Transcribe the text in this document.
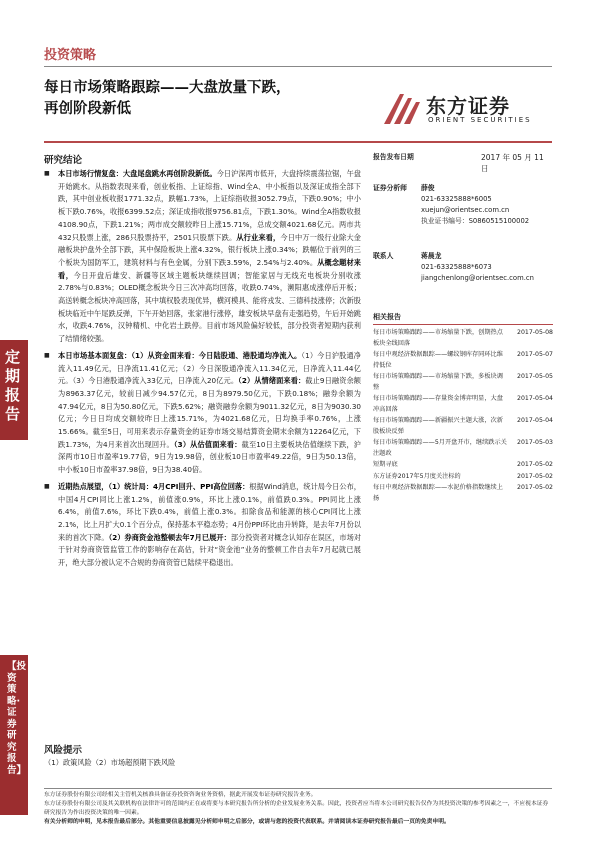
投资策略
每日市场策略跟踪——大盘放量下跌，
再创阶段新低	东方证券
ORIENT SECURITIES
定期报告
【投资策略·证券研究报告】
研究结论

■ 本日市场行情复盘：大盘尾盘跳水再创阶段新低。今日沪深两市低开，大盘持续震荡拉锯，午盘开始跳水。从指数表现来看，创业板指、上证综指、Wind全A、中小板指以及深证成指全部下跌，其中创业板收报1771.32点，跌幅1.73%，上证综指收报3052.79点，下跌0.90%；中小板下跌0.76%，收报6399.52点；深证成指收报9756.81点，下跌1.30%。Wind全A指数收报4108.90点，下跌1.21%；两市成交额较昨日上涨15.71%，总成交额4021.68亿元。两市共432只股票上涨，286只股票持平，2501只股票下跌。从行业来看，今日中万一级行业除大金融板块护盘外全部下跌，其中保险板块上涨4.32%，银行板块上涨0.34%；跌幅位于前列的三个板块为国防军工，建筑材料与有色金属，分别下跌3.59%，2.54%与2.40%。从概念题材来看，今日开盘后雄安、新疆等区域主题板块继续回调；智能家居与无线充电板块分别收涨2.78%与0.83%；OLED概念板块今日三次冲高均回落，收跌0.74%，濒阳惠成涨停后开板；高送转概念板块冲高回落，其中填权股表现优异，横河模具、能将戎发、三德科技涨停；次新股板块临近中午尾跌反弹，下午开始回落，张家港行涨停，雄安板块早盘有走强趋势，午后开始跳水，收跌4.76%，汉钟精机、中化岩土跌停。目前市场风险偏好较低，部分投资者短期内获利了结情绪较强。

■ 本日市场基本面复盘：（1）从资金面来看：今日陆股通、港股通均净流入。（1）今日沪股通净流入11.49亿元，日净流11.41亿元；（2）今日深股通净流入11.34亿元，日净流入11.44亿元。（3）今日港股通净流入33亿元，日净流入20亿元。（2）从情绪面来看：截止9日融资余额为8963.37亿元，较前日减少94.57亿元，8日为8979.50亿元，下跌0.18%；融券余额为47.94亿元，8日为50.80亿元，下跌5.62%；融资融券余额为9011.32亿元，8日为9030.30亿元；今日日均成交额较昨日上涨15.71%，为4021.68亿元，日均换手率0.76%，上涨15.66%。截至5日，可用来表示存量资金的证券市场交易结算资金期末余额为12264亿元，下跌1.73%，为4月来首次出现回升。（3）从估值面来看：截至10日主要板块估值继续下跌，沪深两市10日市盈率19.77倍，9日为19.98倍，创业板10日市盈率49.22倍，9日为50.13倍，中小板10日市盈率37.98倍，9日为38.40倍。

■ 近期热点展望，（1）统计局：4月CPI回升、PPI高位回落：根据Wind消息，统计局今日公布，中国4月CPI同比上涨1.2%，前值涨0.9%，环比上涨0.1%，前值跌0.3%。PPI同比上涨6.4%，前值7.6%，环比下跌0.4%，前值上涨0.3%。扣除食品和能源的核心CPI同比上涨2.1%，比上月扩大0.1个百分点，保持基本平稳态势；4月份PPI环比由升转降，是去年7月份以来的首次下降。（2）券商资金池整顿去年7月已展开：部分投资者对概念认知存在误区，市场对于针对券商资管监管工作的影响存在高估，针对“资金池”业务的整顿工作自去年7月起就已展开，绝大部分被认定不合规的券商资管已陆续平稳退出。

风险提示
（1）政策风险（2）市场超预期下跌风险
报告发布日期	2017 年 05 月 11 日
证券分析师 薛俊
021-63325888*6005
xuejun@orientsec.com.cn
执业证书编号：S0860515100002
联系人	蒋晨龙
021-63325888*6073
jiangchenlong@orientsec.com.cn
相关报告
每日市场策略跟踪——市场缩量下跌，创期热点板块全线回落
2017-05-08
每日中观经济数据跟踪——螺纹钢库存同环比维持低位
2017-05-07
每日市场策略跟踪——市场缩量下跌，多板块调整
2017-05-05
每日市场策略跟踪——存量资金博弈明显，大盘冲高回落
2017-05-04
每日市场策略跟踪——新疆振兴主题大涨，次新股板块反弹
2017-05-04
每日市场策略跟踪——5月开盘开市，继续跌示关注题政
2017-05-03
短期寻底	2017-05-02
东方证券2017年5月度关注标的	2017-05-02
每日中观经济数据跟踪——水泥价格指数继续上扬
2017-05-02
东方证券股份有限公司经相关主管机关核准具备证券投资咨询业务资格，据此开展发布证券研究报告业务。
东方证券股份有限公司及其关联机构在法律许可的范围内正在或将要与本研究报告所分析的企业发展业务关系。因此，投资者应当将本公司研究报告仅作为其投资决策的参考因素之一，不应视本证券研究报告为作出投资决策的唯一因素。
有关分析师的申明，见本报告最后部分。其他重要信息披露见分析师申明之后部分，或请与您的投资代表联系。并请阅读本证券研究报告最后一页的免责申明。
